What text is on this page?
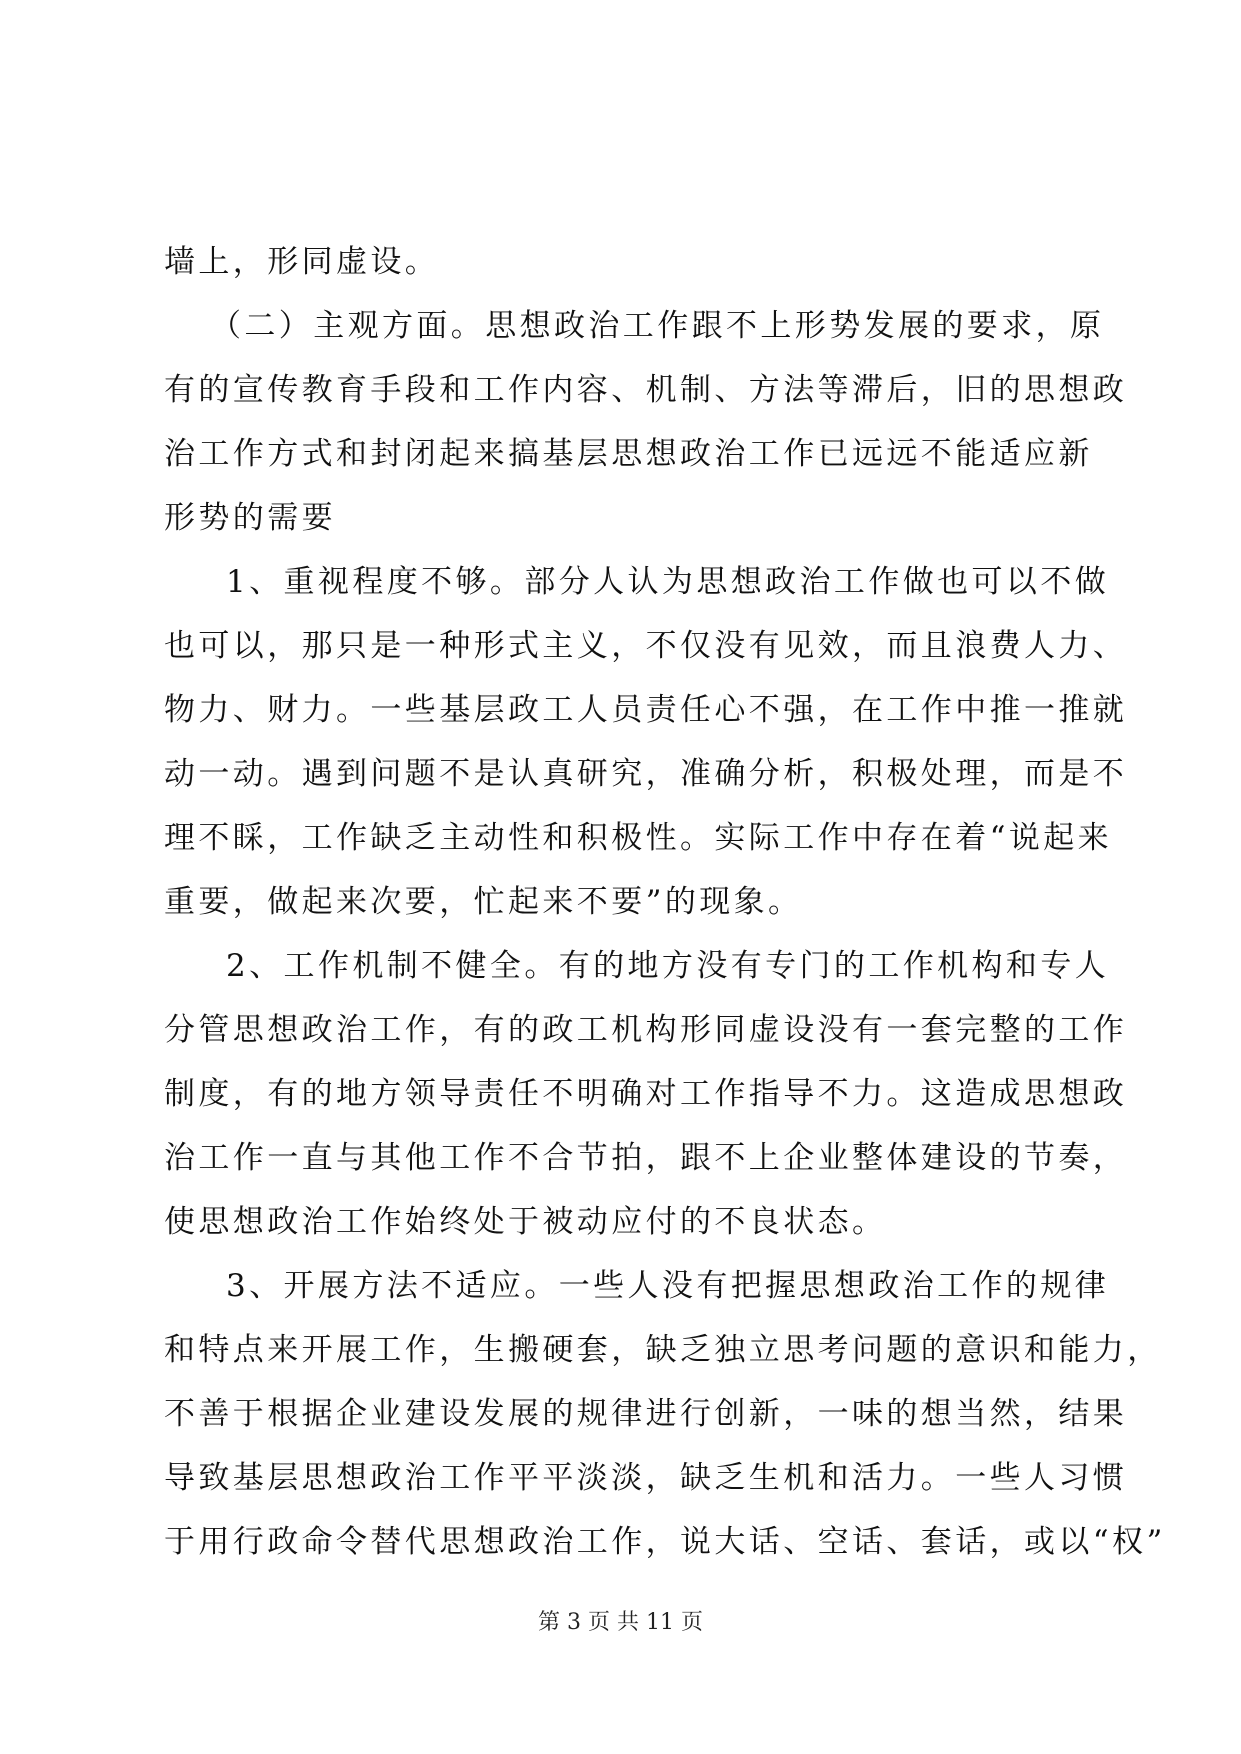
墙上，形同虚设。
（二）主观方面。思想政治工作跟不上形势发展的要求，原
有的宣传教育手段和工作内容、机制、方法等滞后，旧的思想政
治工作方式和封闭起来搞基层思想政治工作已远远不能适应新
形势的需要
1、重视程度不够。部分人认为思想政治工作做也可以不做
也可以，那只是一种形式主义，不仅没有见效，而且浪费人力、
物力、财力。一些基层政工人员责任心不强，在工作中推一推就
动一动。遇到问题不是认真研究，准确分析，积极处理，而是不
理不睬，工作缺乏主动性和积极性。实际工作中存在着“说起来
重要，做起来次要，忙起来不要”的现象。
2、工作机制不健全。有的地方没有专门的工作机构和专人
分管思想政治工作，有的政工机构形同虚设没有一套完整的工作
制度，有的地方领导责任不明确对工作指导不力。这造成思想政
治工作一直与其他工作不合节拍，跟不上企业整体建设的节奏，
使思想政治工作始终处于被动应付的不良状态。
3、开展方法不适应。一些人没有把握思想政治工作的规律
和特点来开展工作，生搬硬套，缺乏独立思考问题的意识和能力，
不善于根据企业建设发展的规律进行创新，一味的想当然，结果
导致基层思想政治工作平平淡淡，缺乏生机和活力。一些人习惯
于用行政命令替代思想政治工作，说大话、空话、套话，或以“权”
第 3 页 共 11 页
